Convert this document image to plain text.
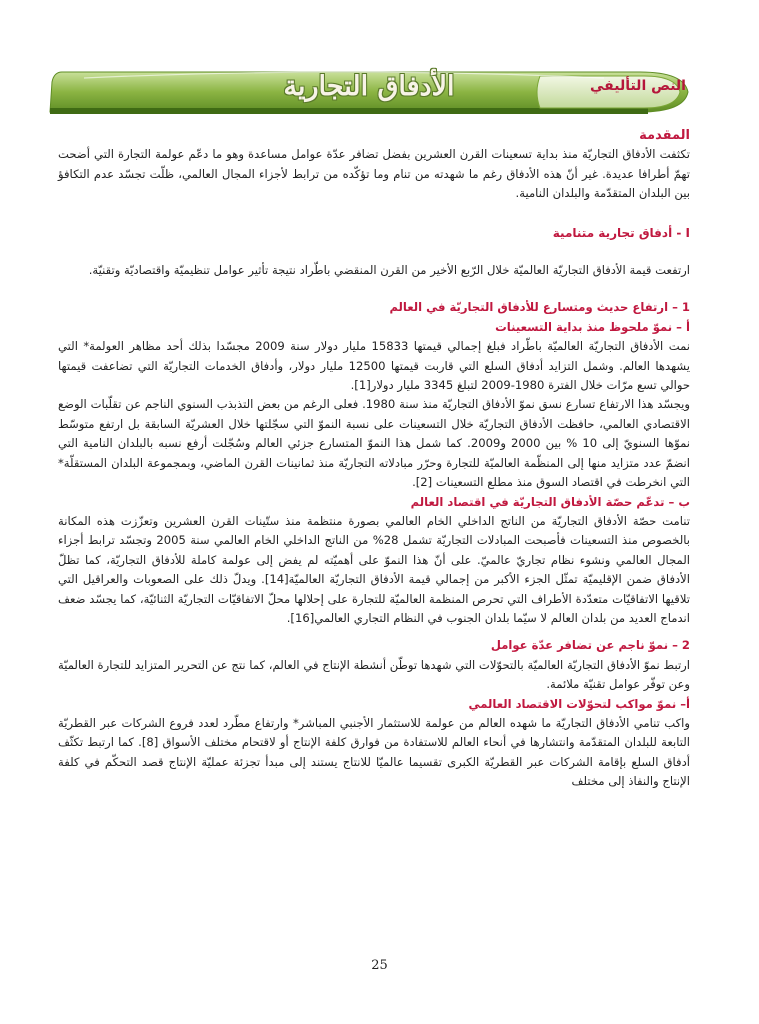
الأدفاق التجارية	النص التأليفي

المقدمة

تكثفت الأدفاق التجاريّة منذ بداية تسعينات القرن العشرين بفضل تضافر عدّة عوامل مساعدة وهو ما دعّم عولمة التجارة التي أضحت تهمّ أطرافا عديدة. غير أنّ هذه الأدفاق رغم ما شهدته من تنام وما تؤكّده من ترابط لأجزاء المجال العالمي، ظلّت تجسّد عدم التكافؤ بين البلدان المتقدّمة والبلدان النامية.

I - أدفاق تجارية متنامية

ارتفعت قيمة الأدفاق التجاريّة العالميّة خلال الرّبع الأخير من القرن المنقضي باطّراد نتيجة تأثير عوامل تنظيميّة واقتصاديّة وتقنيّة.

1 – ارتفاع حديث ومتسارع للأدفاق التجاريّة في العالم

أ – نموّ ملحوظ منذ بداية التسعينات

نمت الأدفاق التجاريّة العالميّة باطّراد فبلغ إجمالي قيمتها 15833 مليار دولار سنة 2009 مجسّدا بذلك أحد مظاهر العولمة* التي يشهدها العالم. وشمل التزايد أدفاق السلع التي قاربت قيمتها 12500 مليار دولار، وأدفاق الخدمات التجاريّة التي تضاعفت قيمتها حوالي تسع مرّات خلال الفترة 1980-2009 لتبلغ 3345 مليار دولار[1].

ويجسّد هذا الارتفاع تسارع نسق نموّ الأدفاق التجاريّة منذ سنة 1980. فعلى الرغم من بعض التذبذب السنوي الناجم عن تقلّبات الوضع الاقتصادي العالمي، حافظت الأدفاق التجاريّة خلال التسعينات على نسبة النموّ التي سجّلتها خلال العشريّة السابقة بل ارتفع متوسّط نموّها السنويّ إلى 10 % بين 2000 و2009. كما شمل هذا النموّ المتسارع جزئي العالم وسُجّلت أرفع نسبه بالبلدان النامية التي انضمّ عدد متزايد منها إلى المنظّمة العالميّة للتجارة وحرّر مبادلاته التجاريّة منذ ثمانينات القرن الماضي، وبمجموعة البلدان المستقلّة* التي انخرطت في اقتصاد السوق منذ مطلع التسعينات [2].

ب – تدعّم حصّة الأدفاق التجاريّة في اقتصاد العالم

تنامت حصّة الأدفاق التجاريّة من الناتج الداخلي الخام العالمي بصورة منتظمة منذ ستّينات القرن العشرين وتعزّزت هذه المكانة بالخصوص منذ التسعينات فأصبحت المبادلات التجاريّة تشمل 28% من الناتج الداخلي الخام العالمي سنة 2005 وتجسّد ترابط أجزاء المجال العالمي ونشوء نظام تجاريّ عالميّ. على أنّ هذا النموّ على أهميّته لم يفض إلى عولمة كاملة للأدفاق التجاريّة، كما تظلّ الأدفاق ضمن الإقليميّة تمثّل الجزء الأكبر من إجمالي قيمة الأدفاق التجاريّة العالميّة[14]. ويدلّ ذلك على الصعوبات والعراقيل التي تلاقيها الاتفاقيّات متعدّدة الأطراف التي تحرص المنظمة العالميّة للتجارة على إحلالها محلّ الاتفاقيّات التجاريّة الثنائيّة، كما يجسّد ضعف اندماج العديد من بلدان العالم لا سيّما بلدان الجنوب في النظام التجاري العالمي[16].

2 – نموّ ناجم عن تضافر عدّة عوامل

ارتبط نموّ الأدفاق التجاريّة العالميّة بالتحوّلات التي شهدها توطّن أنشطة الإنتاج في العالم، كما نتج عن التحرير المتزايد للتجارة العالميّة وعن توفّر عوامل تقنيّة ملائمة.

أ– نموّ مواكب لتحوّلات الاقتصاد العالمي

واكب تنامي الأدفاق التجاريّة ما شهده العالم من عولمة للاستثمار الأجنبي المباشر* وارتفاع مطّرد لعدد فروع الشركات عبر القطريّة التابعة للبلدان المتقدّمة وانتشارها في أنحاء العالم للاستفادة من فوارق كلفة الإنتاج أو لاقتحام مختلف الأسواق [8]. كما ارتبط تكثّف أدفاق السلع بإقامة الشركات عبر القطريّة الكبرى تقسيما عالميّا للانتاج يستند إلى مبدأ تجزئة عمليّة الإنتاج قصد التحكّم في كلفة الإنتاج والنفاذ إلى مختلف

25
